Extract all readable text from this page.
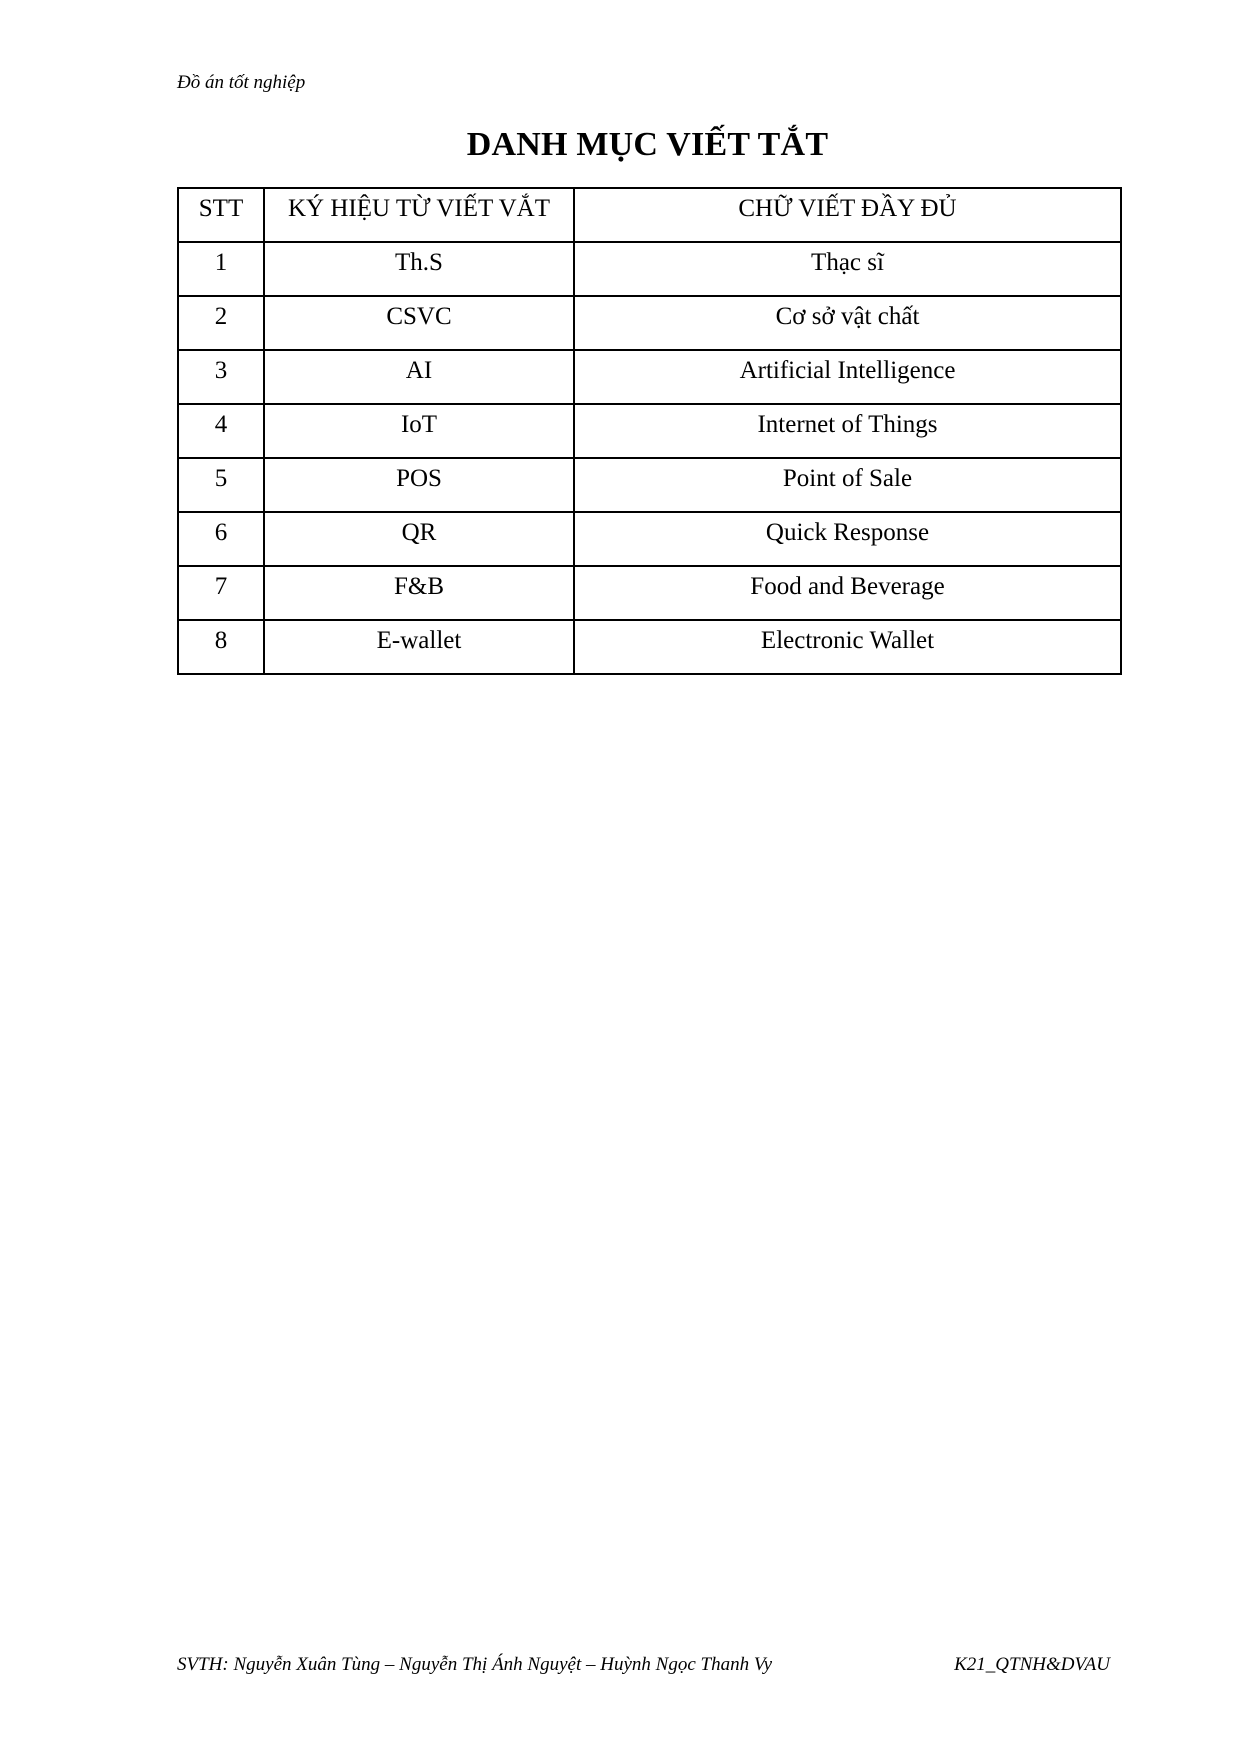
Đồ án tốt nghiệp
DANH MỤC VIẾT TẮT
STT	KÝ HIỆU TỪ VIẾT VẮT	CHỮ VIẾT ĐẦY ĐỦ
1	Th.S	Thạc sĩ
2	CSVC	Cơ sở vật chất
3	AI	Artificial Intelligence
4	IoT	Internet of Things
5	POS	Point of Sale
6	QR	Quick Response
7	F&B	Food and Beverage
8	E-wallet	Electronic Wallet
SVTH: Nguyễn Xuân Tùng – Nguyễn Thị Ánh Nguyệt – Huỳnh Ngọc Thanh Vy	K21_QTNH&DVAU
